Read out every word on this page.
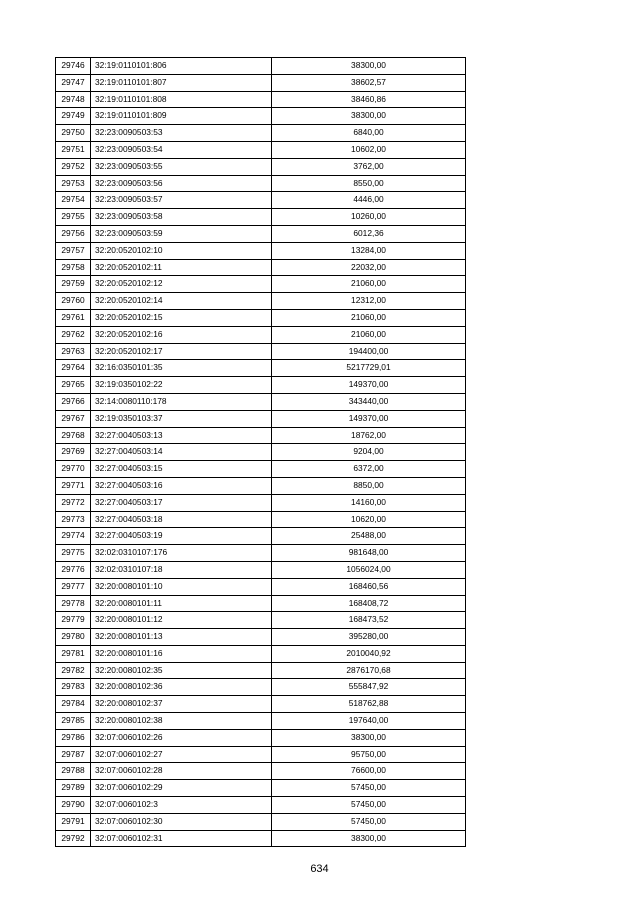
29746	32:19:0110101:806	38300,00
29747	32:19:0110101:807	38602,57
29748	32:19:0110101:808	38460,86
29749	32:19:0110101:809	38300,00
29750	32:23:0090503:53	6840,00
29751	32:23:0090503:54	10602,00
29752	32:23:0090503:55	3762,00
29753	32:23:0090503:56	8550,00
29754	32:23:0090503:57	4446,00
29755	32:23:0090503:58	10260,00
29756	32:23:0090503:59	6012,36
29757	32:20:0520102:10	13284,00
29758	32:20:0520102:11	22032,00
29759	32:20:0520102:12	21060,00
29760	32:20:0520102:14	12312,00
29761	32:20:0520102:15	21060,00
29762	32:20:0520102:16	21060,00
29763	32:20:0520102:17	194400,00
29764	32:16:0350101:35	5217729,01
29765	32:19:0350102:22	149370,00
29766	32:14:0080110:178	343440,00
29767	32:19:0350103:37	149370,00
29768	32:27:0040503:13	18762,00
29769	32:27:0040503:14	9204,00
29770	32:27:0040503:15	6372,00
29771	32:27:0040503:16	8850,00
29772	32:27:0040503:17	14160,00
29773	32:27:0040503:18	10620,00
29774	32:27:0040503:19	25488,00
29775	32:02:0310107:176	981648,00
29776	32:02:0310107:18	1056024,00
29777	32:20:0080101:10	168460,56
29778	32:20:0080101:11	168408,72
29779	32:20:0080101:12	168473,52
29780	32:20:0080101:13	395280,00
29781	32:20:0080101:16	2010040,92
29782	32:20:0080102:35	2876170,68
29783	32:20:0080102:36	555847,92
29784	32:20:0080102:37	518762,88
29785	32:20:0080102:38	197640,00
29786	32:07:0060102:26	38300,00
29787	32:07:0060102:27	95750,00
29788	32:07:0060102:28	76600,00
29789	32:07:0060102:29	57450,00
29790	32:07:0060102:3	57450,00
29791	32:07:0060102:30	57450,00
29792	32:07:0060102:31	38300,00
634
